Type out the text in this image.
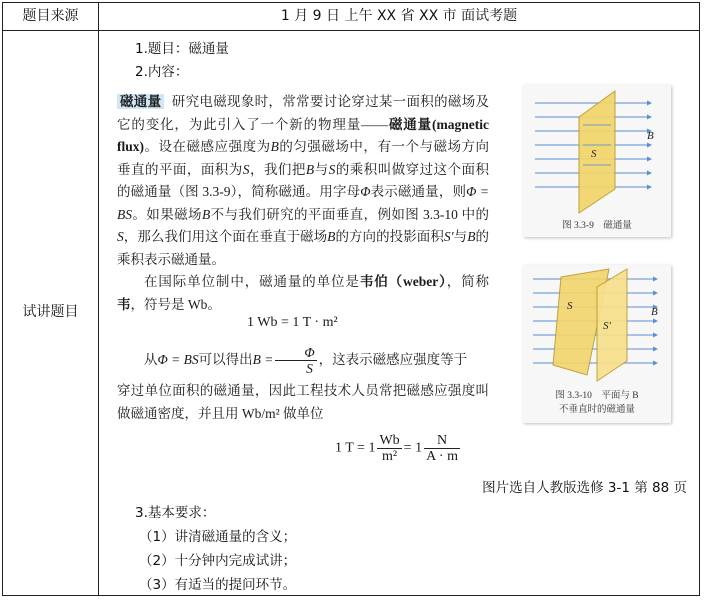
题目来源	1 月 9 日 上午 XX 省 XX 市 面试考题
试讲题目
1.题目：磁通量
2.内容：
磁通量 研究电磁现象时，常常要讨论穿过某一面积的磁场及它的变化，为此引入了一个新的物理量——磁通量(magnetic flux)。设在磁感应强度为B的匀强磁场中，有一个与磁场方向垂直的平面，面积为S，我们把B与S的乘积叫做穿过这个面积的磁通量（图 3.3-9），简称磁通。用字母Φ表示磁通量，则Φ = BS。如果磁场B不与我们研究的平面垂直，例如图 3.3-10 中的S，那么我们用这个面在垂直于磁场B的方向的投影面积S′与B的乘积表示磁通量。
在国际单位制中，磁通量的单位是韦伯（weber），简称韦，符号是 Wb。
1 Wb = 1 T · m²
从Φ = BS可以得出$B = \frac{\Phi}{S}$ ，这表示磁感应强度等于
穿过单位面积的磁通量，因此工程技术人员常把磁感应强度叫做磁通密度，并且用 Wb/m² 做单位
1 $T = 1 \frac{Wb}{\text{m²}} = 1 \frac{N}{A \cdot m}$
S
B
图 3.3-9　磁通量
S
S′
B
图 3.3-10　平面与 B
不垂直时的磁通量
图片选自人教版选修 3-1 第 88 页
3.基本要求：
（1）讲清磁通量的含义；
（2）十分钟内完成试讲；
（3）有适当的提问环节。
